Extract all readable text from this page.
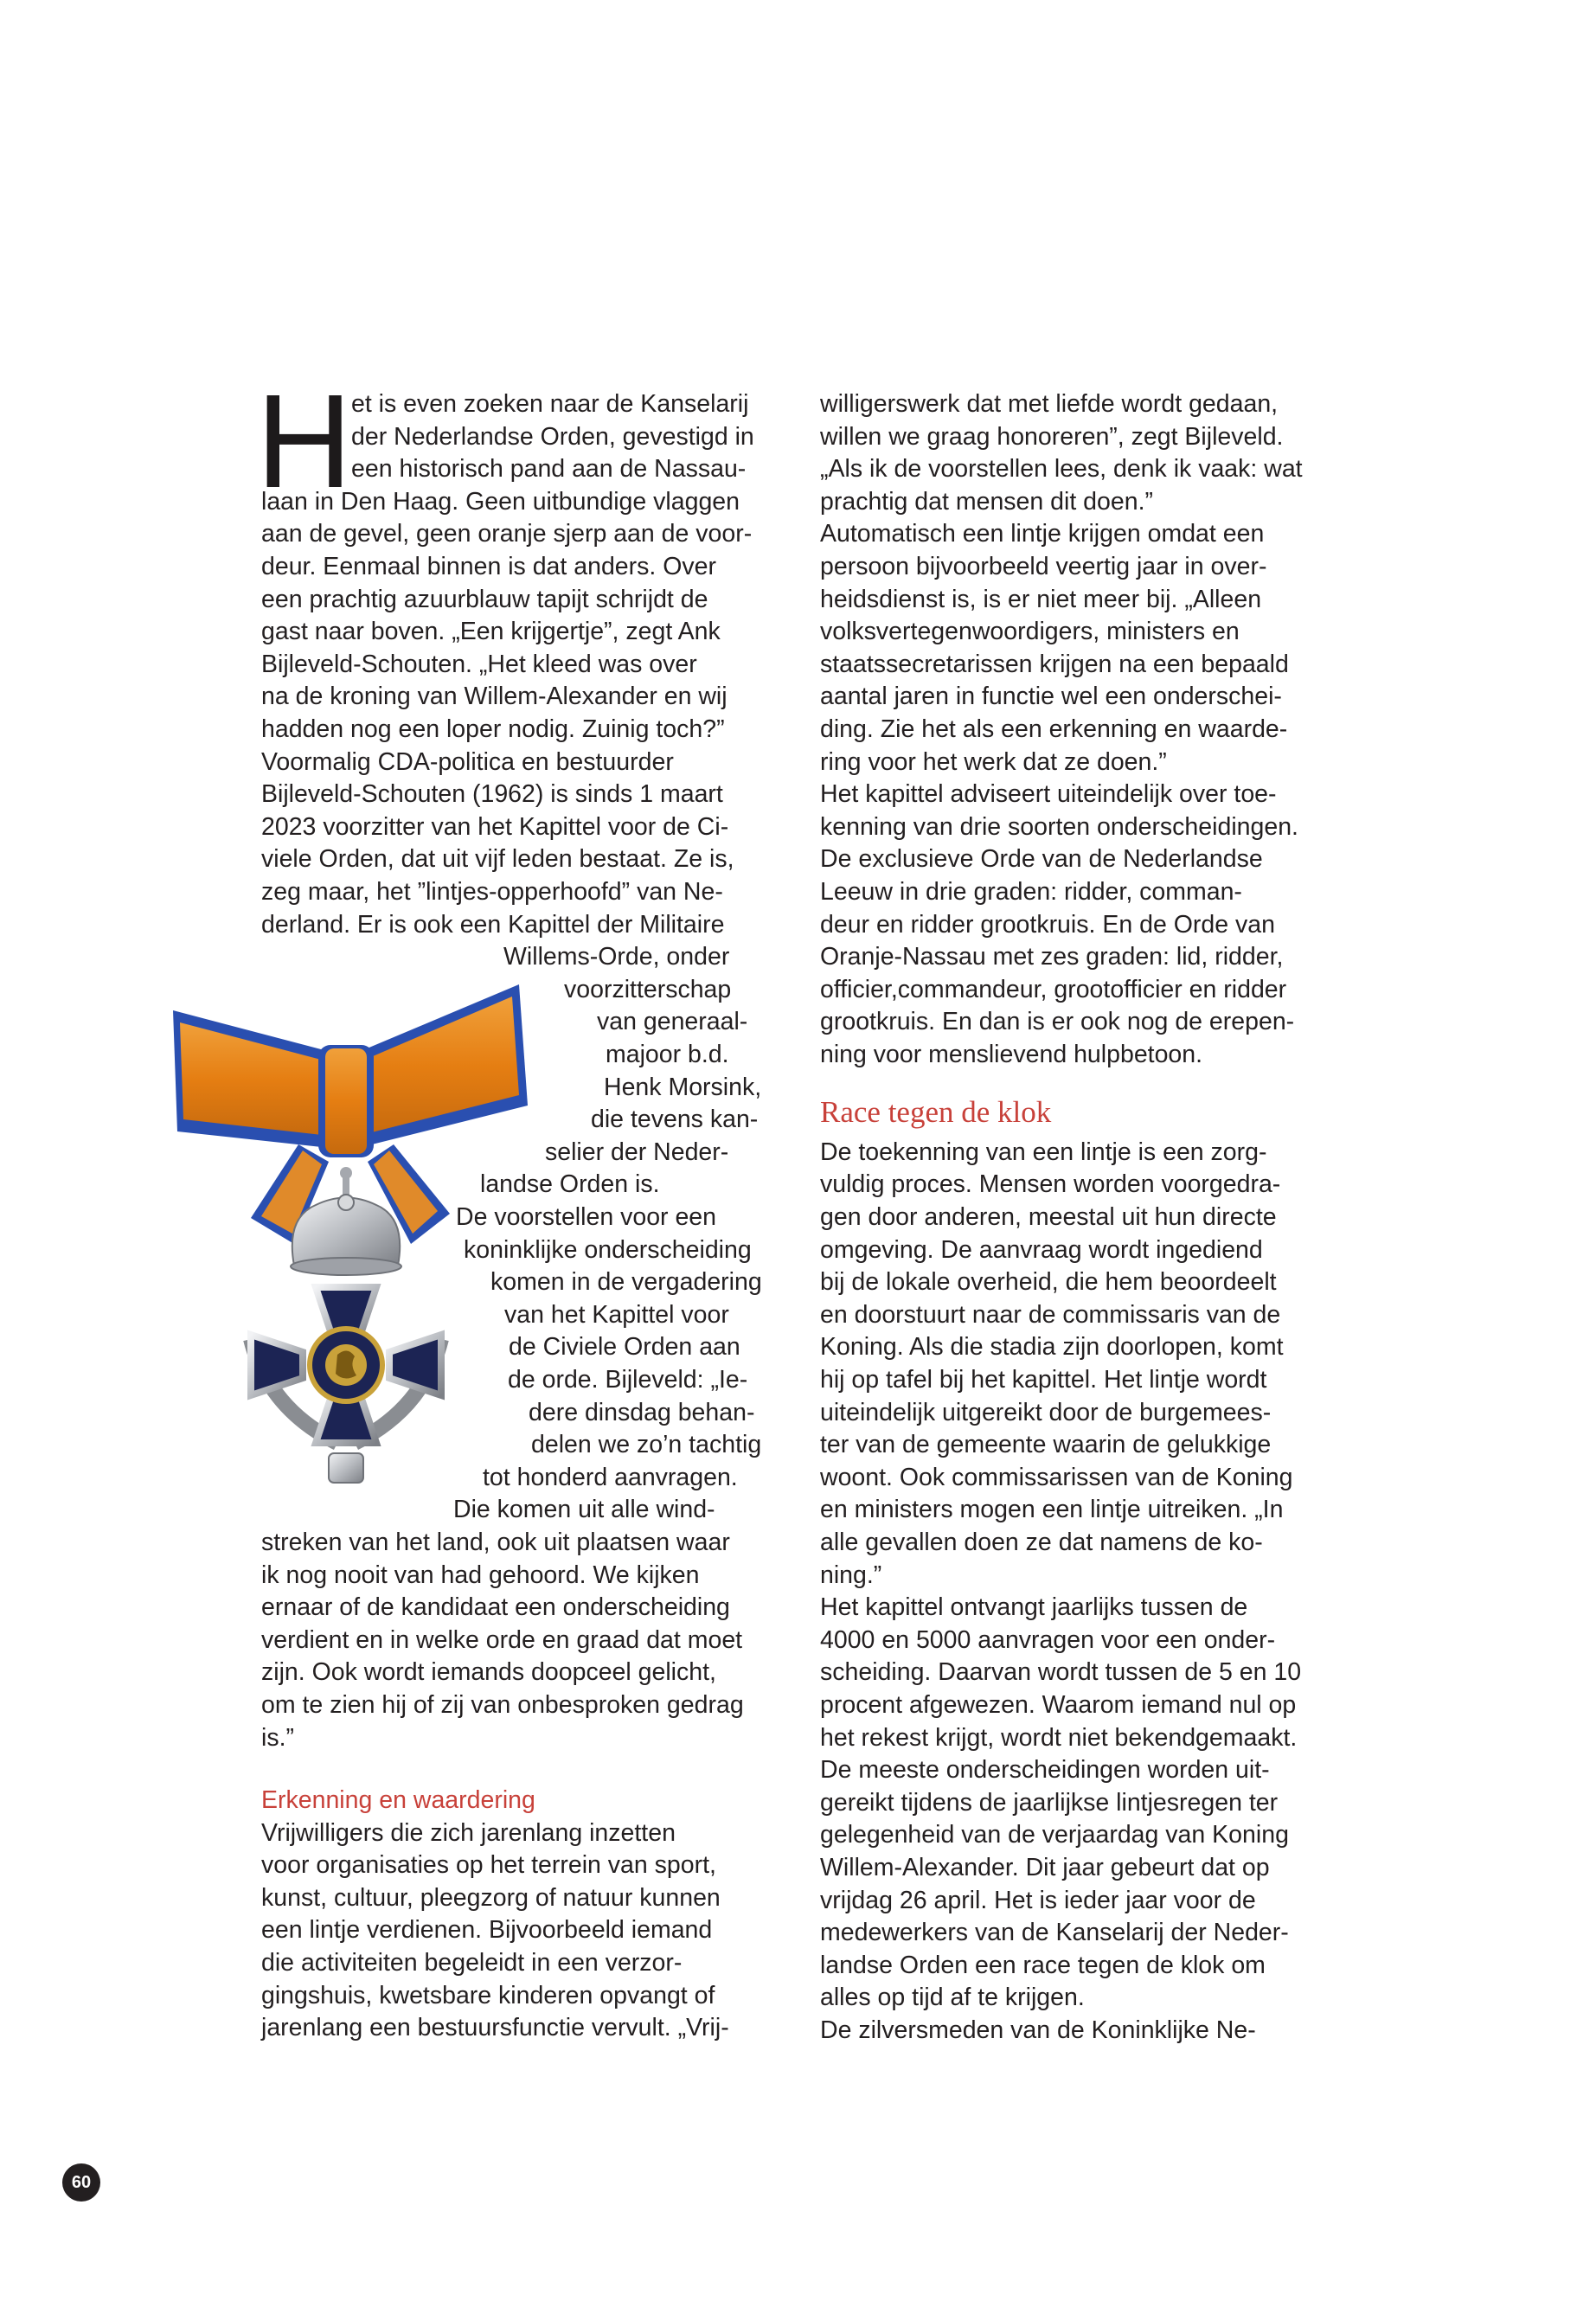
H
et is even zoeken naar de Kanselarij
der Nederlandse Orden, gevestigd in
een historisch pand aan de Nassau-
laan in Den Haag. Geen uitbundige vlaggen
aan de gevel, geen oranje sjerp aan de voor-
deur. Eenmaal binnen is dat anders. Over
een prachtig azuurblauw tapijt schrijdt de
gast naar boven. „Een krijgertje”, zegt Ank
Bijleveld-Schouten. „Het kleed was over
na de kroning van Willem-Alexander en wij
hadden nog een loper nodig. Zuinig toch?”
Voormalig CDA-politica en bestuurder
Bijleveld-Schouten (1962) is sinds 1 maart
2023 voorzitter van het Kapittel voor de Ci-
viele Orden, dat uit vijf leden bestaat. Ze is,
zeg maar, het ”lintjes-opperhoofd” van Ne-
derland. Er is ook een Kapittel der Militaire
Willems-Orde, onder
voorzitterschap
van generaal-
majoor b.d.
Henk Morsink,
die tevens kan-
selier der Neder-
landse Orden is.
De voorstellen voor een
koninklijke onderscheiding
komen in de vergadering
van het Kapittel voor
de Civiele Orden aan
de orde. Bijleveld: „Ie-
dere dinsdag behan-
delen we zo’n tachtig
tot honderd aanvragen.
Die komen uit alle wind-
streken van het land, ook uit plaatsen waar
ik nog nooit van had gehoord. We kijken
ernaar of de kandidaat een onderscheiding
verdient en in welke orde en graad dat moet
zijn. Ook wordt iemands doopceel gelicht,
om te zien hij of zij van onbesproken gedrag
is.”
Erkenning en waardering
Vrijwilligers die zich jarenlang inzetten
voor organisaties op het terrein van sport,
kunst, cultuur, pleegzorg of natuur kunnen
een lintje verdienen. Bijvoorbeeld iemand
die activiteiten begeleidt in een verzor-
gingshuis, kwetsbare kinderen opvangt of
jarenlang een bestuursfunctie vervult. „Vrij-
willigerswerk dat met liefde wordt gedaan,
willen we graag honoreren”, zegt Bijleveld.
„Als ik de voorstellen lees, denk ik vaak: wat
prachtig dat mensen dit doen.”
Automatisch een lintje krijgen omdat een
persoon bijvoorbeeld veertig jaar in over-
heidsdienst is, is er niet meer bij. „Alleen
volksvertegenwoordigers, ministers en
staatssecretarissen krijgen na een bepaald
aantal jaren in functie wel een onderschei-
ding. Zie het als een erkenning en waarde-
ring voor het werk dat ze doen.”
Het kapittel adviseert uiteindelijk over toe-
kenning van drie soorten onderscheidingen.
De exclusieve Orde van de Nederlandse
Leeuw in drie graden: ridder, comman-
deur en ridder grootkruis. En de Orde van
Oranje-Nassau met zes graden: lid, ridder,
officier,commandeur, grootofficier en ridder
grootkruis. En dan is er ook nog de erepen-
ning voor menslievend hulpbetoon.
Race tegen de klok
De toekenning van een lintje is een zorg-
vuldig proces. Mensen worden voorgedra-
gen door anderen, meestal uit hun directe
omgeving. De aanvraag wordt ingediend
bij de lokale overheid, die hem beoordeelt
en doorstuurt naar de commissaris van de
Koning. Als die stadia zijn doorlopen, komt
hij op tafel bij het kapittel. Het lintje wordt
uiteindelijk uitgereikt door de burgemees-
ter van de gemeente waarin de gelukkige
woont. Ook commissarissen van de Koning
en ministers mogen een lintje uitreiken. „In
alle gevallen doen ze dat namens de ko-
ning.”
Het kapittel ontvangt jaarlijks tussen de
4000 en 5000 aanvragen voor een onder-
scheiding. Daarvan wordt tussen de 5 en 10
procent afgewezen. Waarom iemand nul op
het rekest krijgt, wordt niet bekendgemaakt.
De meeste onderscheidingen worden uit-
gereikt tijdens de jaarlijkse lintjesregen ter
gelegenheid van de verjaardag van Koning
Willem-Alexander. Dit jaar gebeurt dat op
vrijdag 26 april. Het is ieder jaar voor de
medewerkers van de Kanselarij der Neder-
landse Orden een race tegen de klok om
alles op tijd af te krijgen.
De zilversmeden van de Koninklijke Ne-
60
